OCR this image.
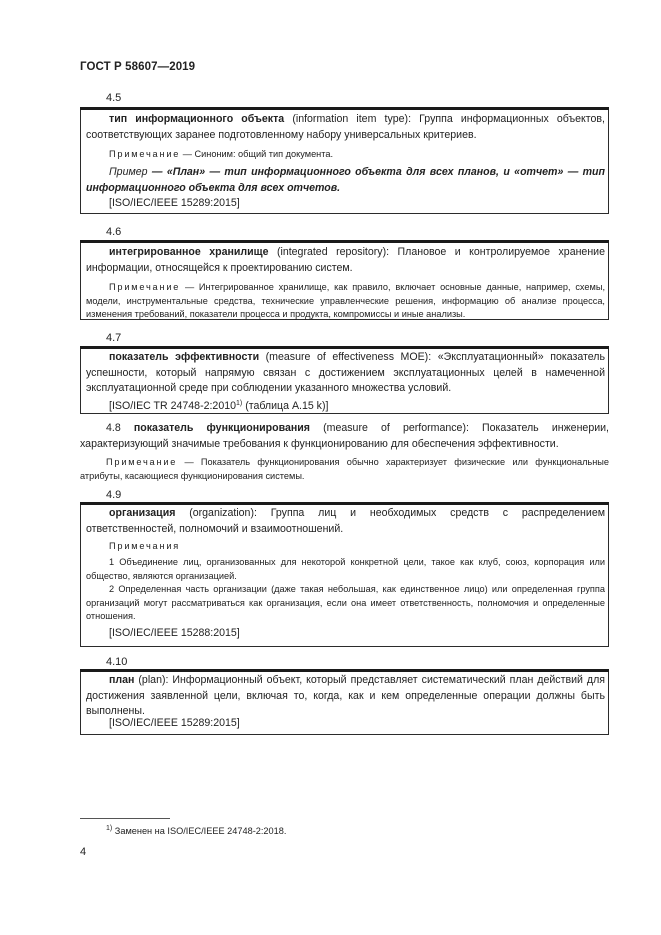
ГОСТ Р 58607—2019
4.5
тип информационного объекта (information item type): Группа информационных объектов, соответствующих заранее подготовленному набору универсальных критериев.
Примечание — Синоним: общий тип документа.
Пример — «План» — тип информационного объекта для всех планов, и «отчет» — тип информационного объекта для всех отчетов.
[ISO/IEC/IEEE 15289:2015]
4.6
интегрированное хранилище (integrated repository): Плановое и контролируемое хранение информации, относящейся к проектированию систем.
Примечание — Интегрированное хранилище, как правило, включает основные данные, например, схемы, модели, инструментальные средства, технические управленческие решения, информацию об анализе процесса, изменения требований, показатели процесса и продукта, компромиссы и иные анализы.
4.7
показатель эффективности (measure of effectiveness MOE): «Эксплуатационный» показатель успешности, который напрямую связан с достижением эксплуатационных целей в намеченной эксплуатационной среде при соблюдении указанного множества условий.
[ISO/IEC TR 24748-2:2010$^{1)}$ (таблица А.15 k)]
4.8 показатель функционирования (measure of performance): Показатель инженерии, характеризующий значимые требования к функционированию для обеспечения эффективности.
Примечание — Показатель функционирования обычно характеризует физические или функциональные атрибуты, касающиеся функционирования системы.
4.9
организация (organization): Группа лиц и необходимых средств с распределением ответственностей, полномочий и взаимоотношений.
Примечания
1 Объединение лиц, организованных для некоторой конкретной цели, такое как клуб, союз, корпорация или общество, являются организацией.
2 Определенная часть организации (даже такая небольшая, как единственное лицо) или определенная группа организаций могут рассматриваться как организация, если она имеет ответственность, полномочия и определенные отношения.
[ISO/IEC/IEEE 15288:2015]
4.10
план (plan): Информационный объект, который представляет систематический план действий для достижения заявленной цели, включая то, когда, как и кем определенные операции должны быть выполнены.
[ISO/IEC/IEEE 15289:2015]
$^{1)}$ Заменен на ISO/IEC/IEEE 24748-2:2018.
4
